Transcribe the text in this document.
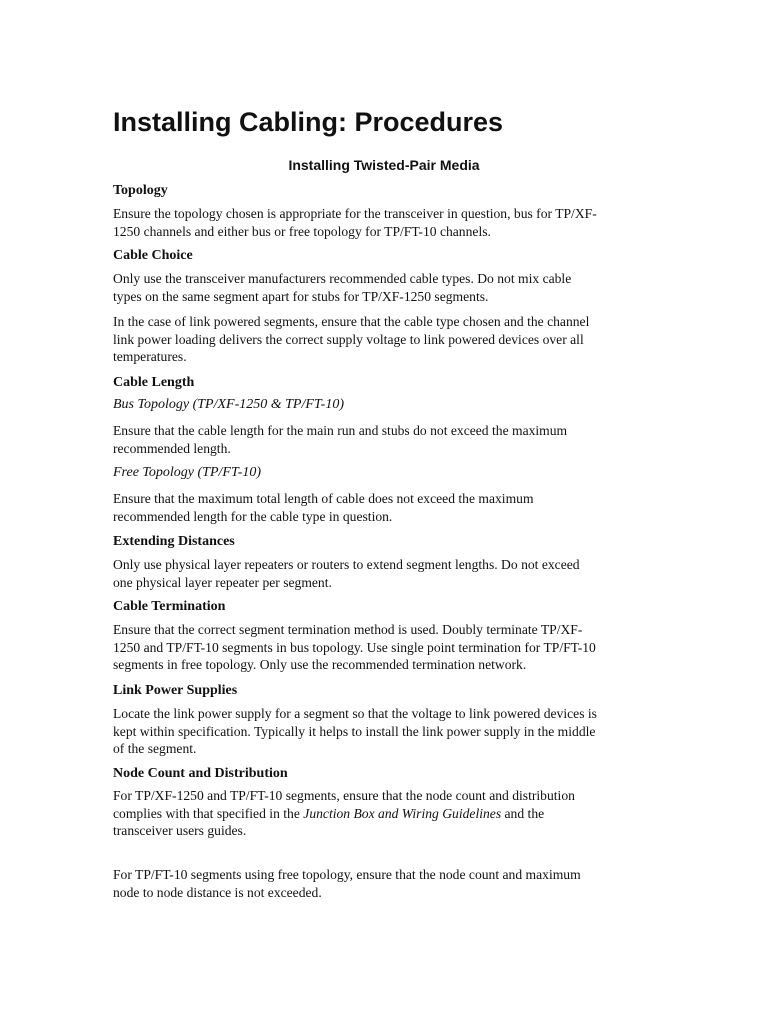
Installing Cabling: Procedures
Installing Twisted-Pair Media
Topology
Ensure the topology chosen is appropriate for the transceiver in question, bus for TP/XF-
1250 channels and either bus or free topology for TP/FT-10 channels.
Cable Choice
Only use the transceiver manufacturers recommended cable types. Do not mix cable
types on the same segment apart for stubs for TP/XF-1250 segments.
In the case of link powered segments, ensure that the cable type chosen and the channel
link power loading delivers the correct supply voltage to link powered devices over all
temperatures.
Cable Length
Bus Topology (TP/XF-1250 & TP/FT-10)
Ensure that the cable length for the main run and stubs do not exceed the maximum
recommended length.
Free Topology (TP/FT-10)
Ensure that the maximum total length of cable does not exceed the maximum
recommended length for the cable type in question.
Extending Distances
Only use physical layer repeaters or routers to extend segment lengths. Do not exceed
one physical layer repeater per segment.
Cable Termination
Ensure that the correct segment termination method is used. Doubly terminate TP/XF-
1250 and TP/FT-10 segments in bus topology. Use single point termination for TP/FT-10
segments in free topology. Only use the recommended termination network.
Link Power Supplies
Locate the link power supply for a segment so that the voltage to link powered devices is
kept within specification. Typically it helps to install the link power supply in the middle
of the segment.
Node Count and Distribution
For TP/XF-1250 and TP/FT-10 segments, ensure that the node count and distribution
complies with that specified in the Junction Box and Wiring Guidelines and the
transceiver users guides.
For TP/FT-10 segments using free topology, ensure that the node count and maximum
node to node distance is not exceeded.
